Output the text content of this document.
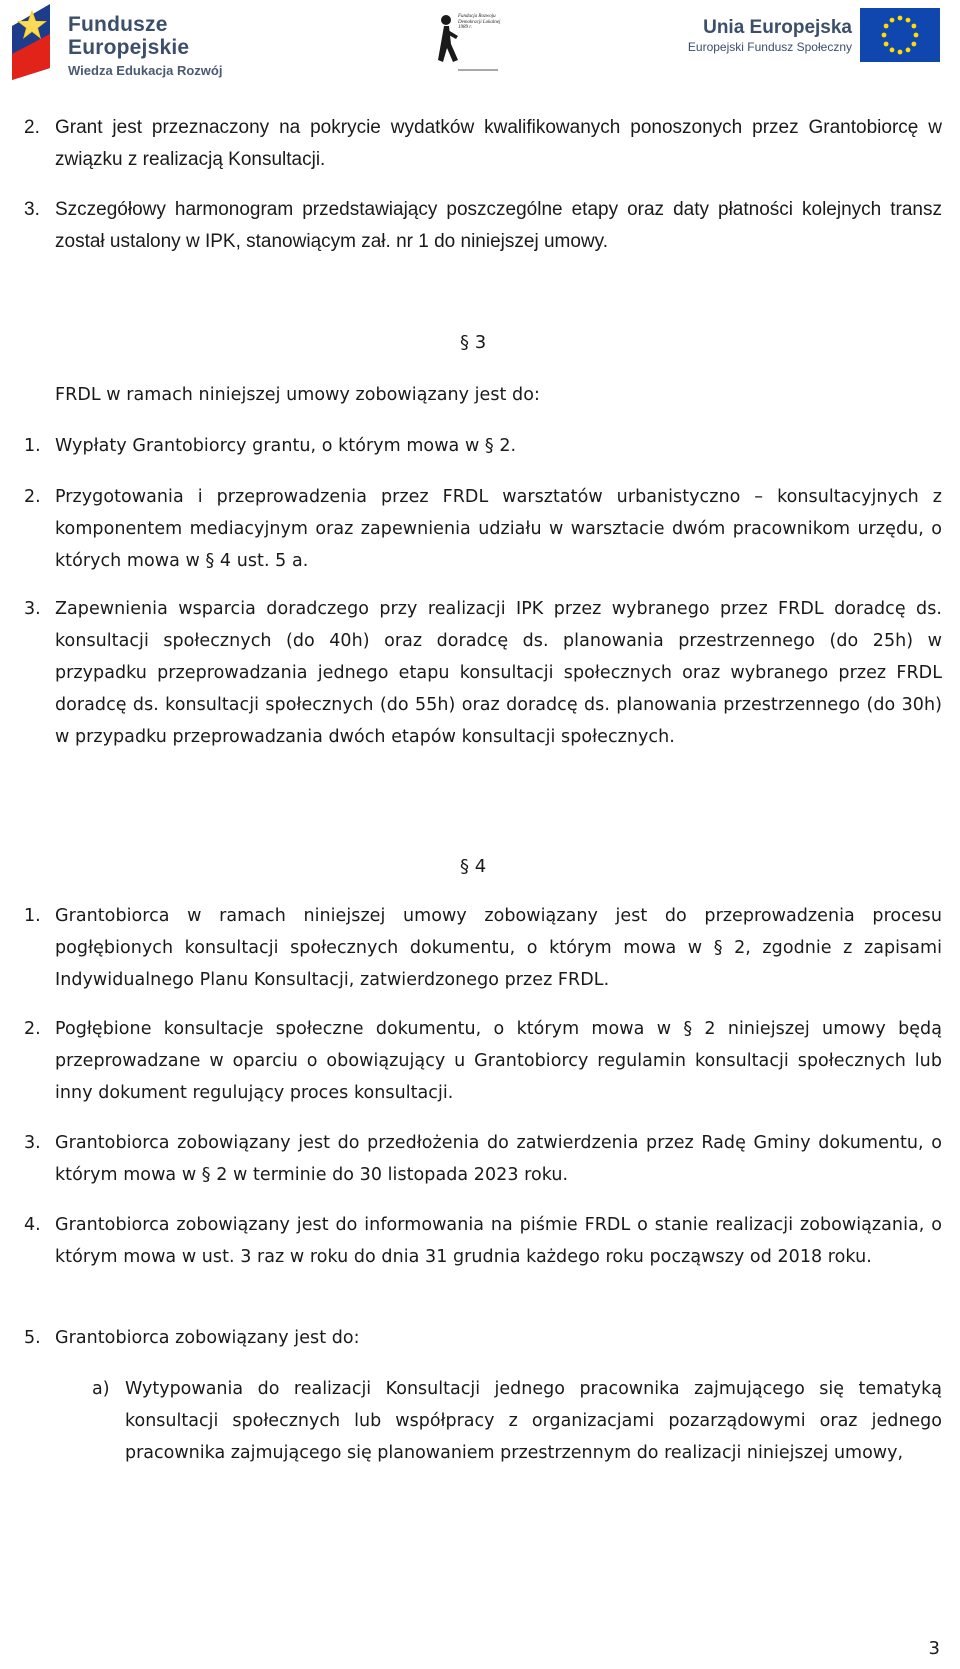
Fundusze
Europejskie
Wiedza Edukacja Rozwój
Fundacja Rozwoju Demokracji Lokalnej 1989 r.	Unia Europejska
Europejski Fundusz Społeczny
2. Grant jest przeznaczony na pokrycie wydatków kwalifikowanych ponoszonych przez Grantobiorcę w związku z realizacją Konsultacji.

3. Szczegółowy harmonogram przedstawiający poszczególne etapy oraz daty płatności kolejnych transz został ustalony w IPK, stanowiącym zał. nr 1 do niniejszej umowy.

§ 3

FRDL w ramach niniejszej umowy zobowiązany jest do:

1. Wypłaty Grantobiorcy grantu, o którym mowa w § 2.

2. Przygotowania i przeprowadzenia przez FRDL warsztatów urbanistyczno – konsultacyjnych z komponentem mediacyjnym oraz zapewnienia udziału w warsztacie dwóm pracownikom urzędu, o których mowa w § 4 ust. 5 a.

3. Zapewnienia wsparcia doradczego przy realizacji IPK przez wybranego przez FRDL doradcę ds. konsultacji społecznych (do 40h) oraz doradcę ds. planowania przestrzennego (do 25h) w przypadku przeprowadzania jednego etapu konsultacji społecznych oraz wybranego przez FRDL doradcę ds. konsultacji społecznych (do 55h) oraz doradcę ds. planowania przestrzennego (do 30h) w przypadku przeprowadzania dwóch etapów konsultacji społecznych.

§ 4
1. Grantobiorca w ramach niniejszej umowy zobowiązany jest do przeprowadzenia procesu pogłębionych konsultacji społecznych dokumentu, o którym mowa w § 2, zgodnie z zapisami Indywidualnego Planu Konsultacji, zatwierdzonego przez FRDL.

2. Pogłębione konsultacje społeczne dokumentu, o którym mowa w § 2 niniejszej umowy będą przeprowadzane w oparciu o obowiązujący u Grantobiorcy regulamin konsultacji społecznych lub inny dokument regulujący proces konsultacji.

3. Grantobiorca zobowiązany jest do przedłożenia do zatwierdzenia przez Radę Gminy dokumentu, o którym mowa w § 2 w terminie do 30 listopada 2023 roku.

4. Grantobiorca zobowiązany jest do informowania na piśmie FRDL o stanie realizacji zobowiązania, o którym mowa w ust. 3 raz w roku do dnia 31 grudnia każdego roku począwszy od 2018 roku.

5. Grantobiorca zobowiązany jest do:

a) Wytypowania do realizacji Konsultacji jednego pracownika zajmującego się tematyką konsultacji społecznych lub współpracy z organizacjami pozarządowymi oraz jednego pracownika zajmującego się planowaniem przestrzennym do realizacji niniejszej umowy,

3
